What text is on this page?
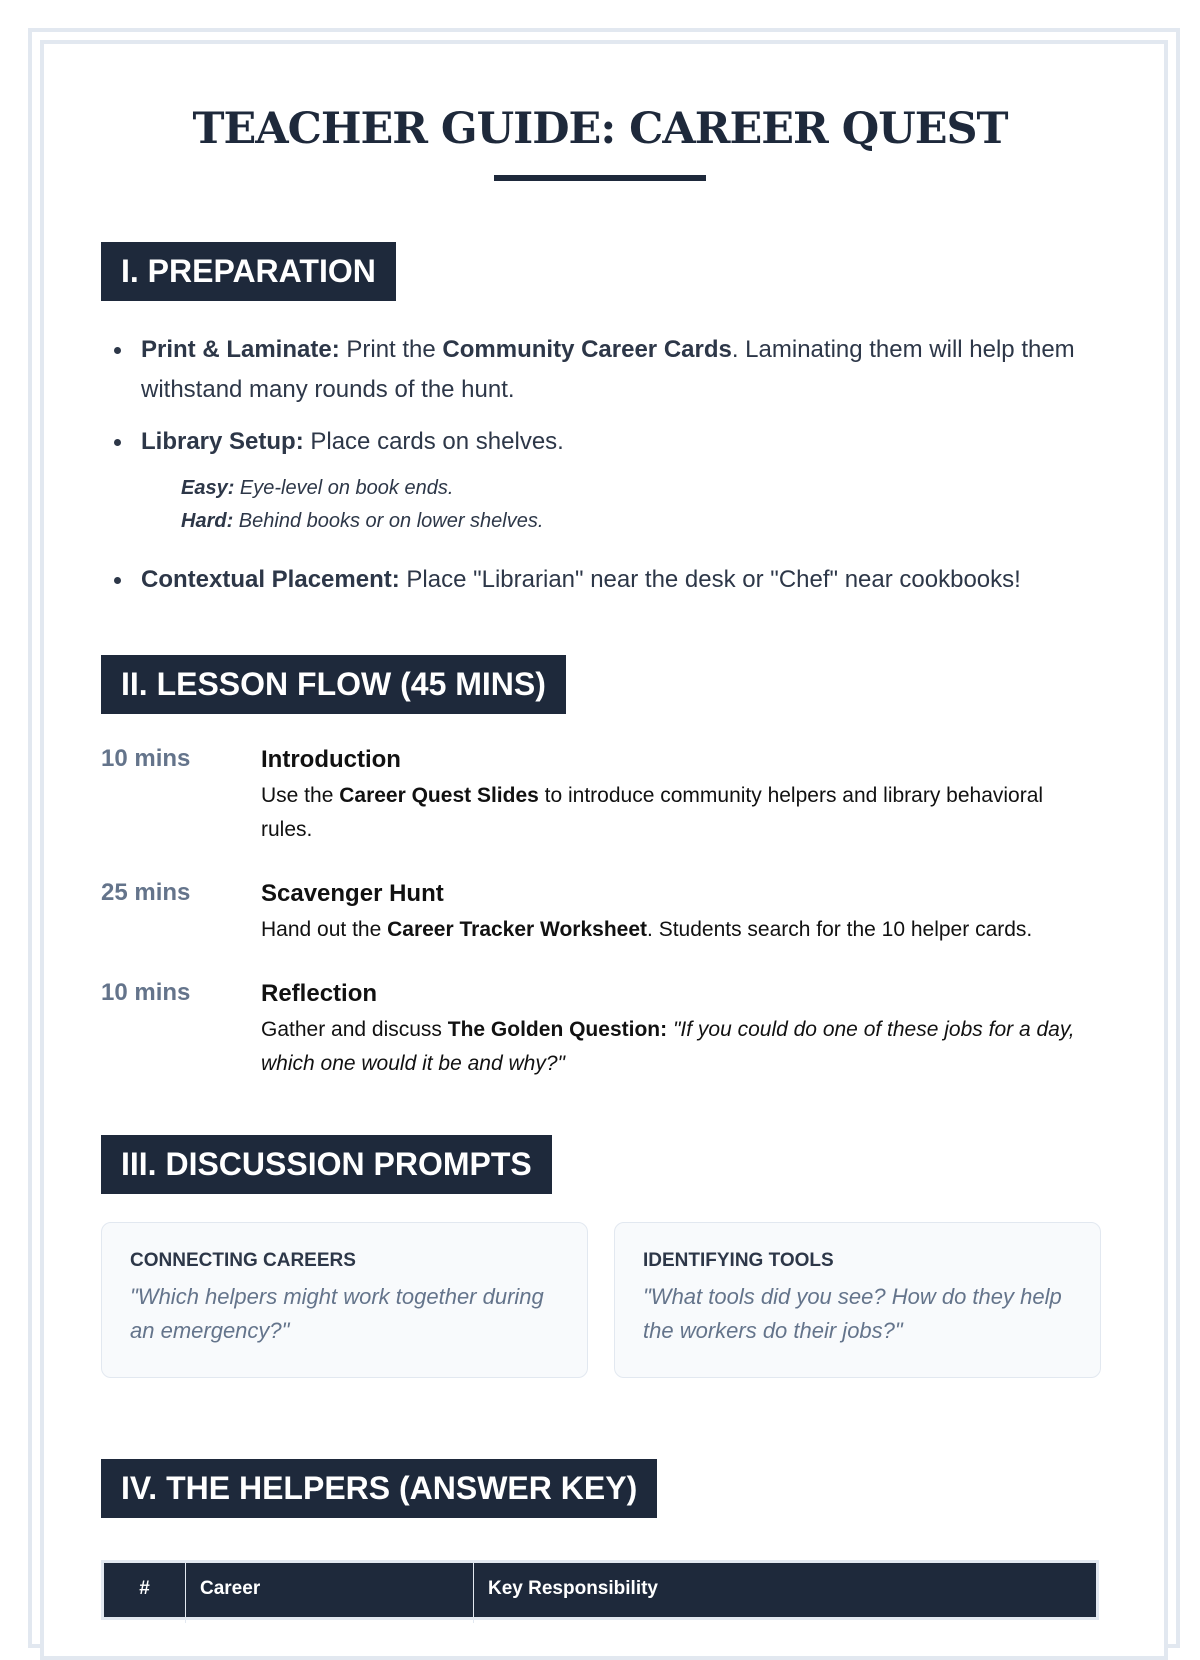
TEACHER GUIDE: CAREER QUEST
I. PREPARATION
Print & Laminate: Print the Community Career Cards. Laminating them will help them withstand many rounds of the hunt.
Library Setup: Place cards on shelves.
Easy: Eye-level on book ends.
Hard: Behind books or on lower shelves.
Contextual Placement: Place "Librarian" near the desk or "Chef" near cookbooks!
II. LESSON FLOW (45 MINS)
10 mins	Introduction
Use the Career Quest Slides to introduce community helpers and library behavioral rules.
25 mins	Scavenger Hunt
Hand out the Career Tracker Worksheet. Students search for the 10 helper cards.
10 mins	Reflection
Gather and discuss The Golden Question: "If you could do one of these jobs for a day, which one would it be and why?"
III. DISCUSSION PROMPTS
CONNECTING CAREERS
"Which helpers might work together during an emergency?"
IDENTIFYING TOOLS
"What tools did you see? How do they help the workers do their jobs?"
IV. THE HELPERS (ANSWER KEY)
#	Career	Key Responsibility
